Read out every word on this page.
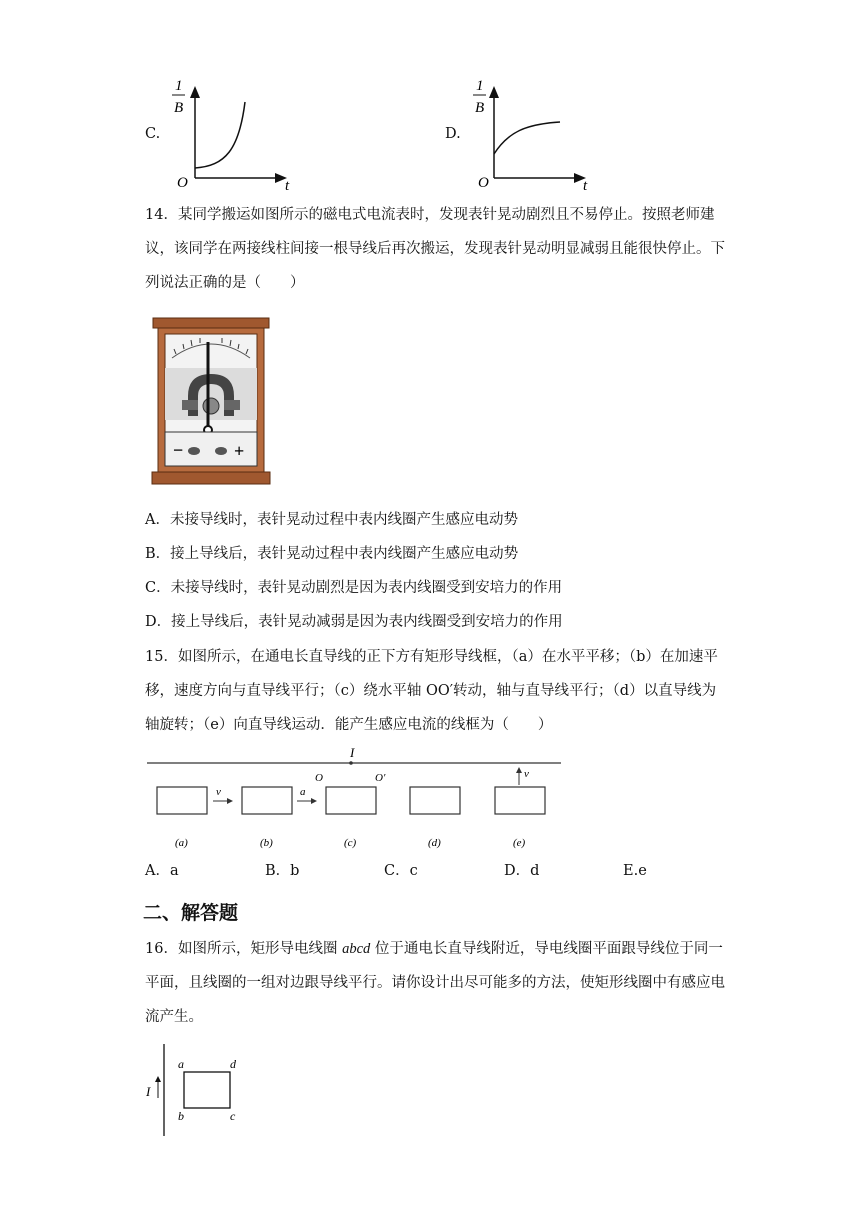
C.
1
B
O	t
D.
1
B
O	t
14．某同学搬运如图所示的磁电式电流表时，发现表针晃动剧烈且不易停止。按照老师建议，该同学在两接线柱间接一根导线后再次搬运，发现表针晃动明显减弱且能很快停止。下列说法正确的是（　　）
−	+
A．未接导线时，表针晃动过程中表内线圈产生感应电动势
B．接上导线后，表针晃动过程中表内线圈产生感应电动势
C．未接导线时，表针晃动剧烈是因为表内线圈受到安培力的作用
D．接上导线后，表针晃动减弱是因为表内线圈受到安培力的作用
15．如图所示，在通电长直导线的正下方有矩形导线框，（a）在水平平移；（b）在加速平移，速度方向与直导线平行；（c）绕水平轴 OO′转动，轴与直导线平行；（d）以直导线为轴旋转；（e）向直导线运动．能产生感应电流的线框为（　　）
I
v	a
O	O′	v
(a)	(b)	(c)	(d)	(e)
A．a	B．b	C．c	D．d	E.e
二、解答题
16．如图所示，矩形导电线圈 abcd 位于通电长直导线附近，导电线圈平面跟导线位于同一平面，且线圈的一组对边跟导线平行。请你设计出尽可能多的方法，使矩形线圈中有感应电流产生。
I
a	d
b	c
